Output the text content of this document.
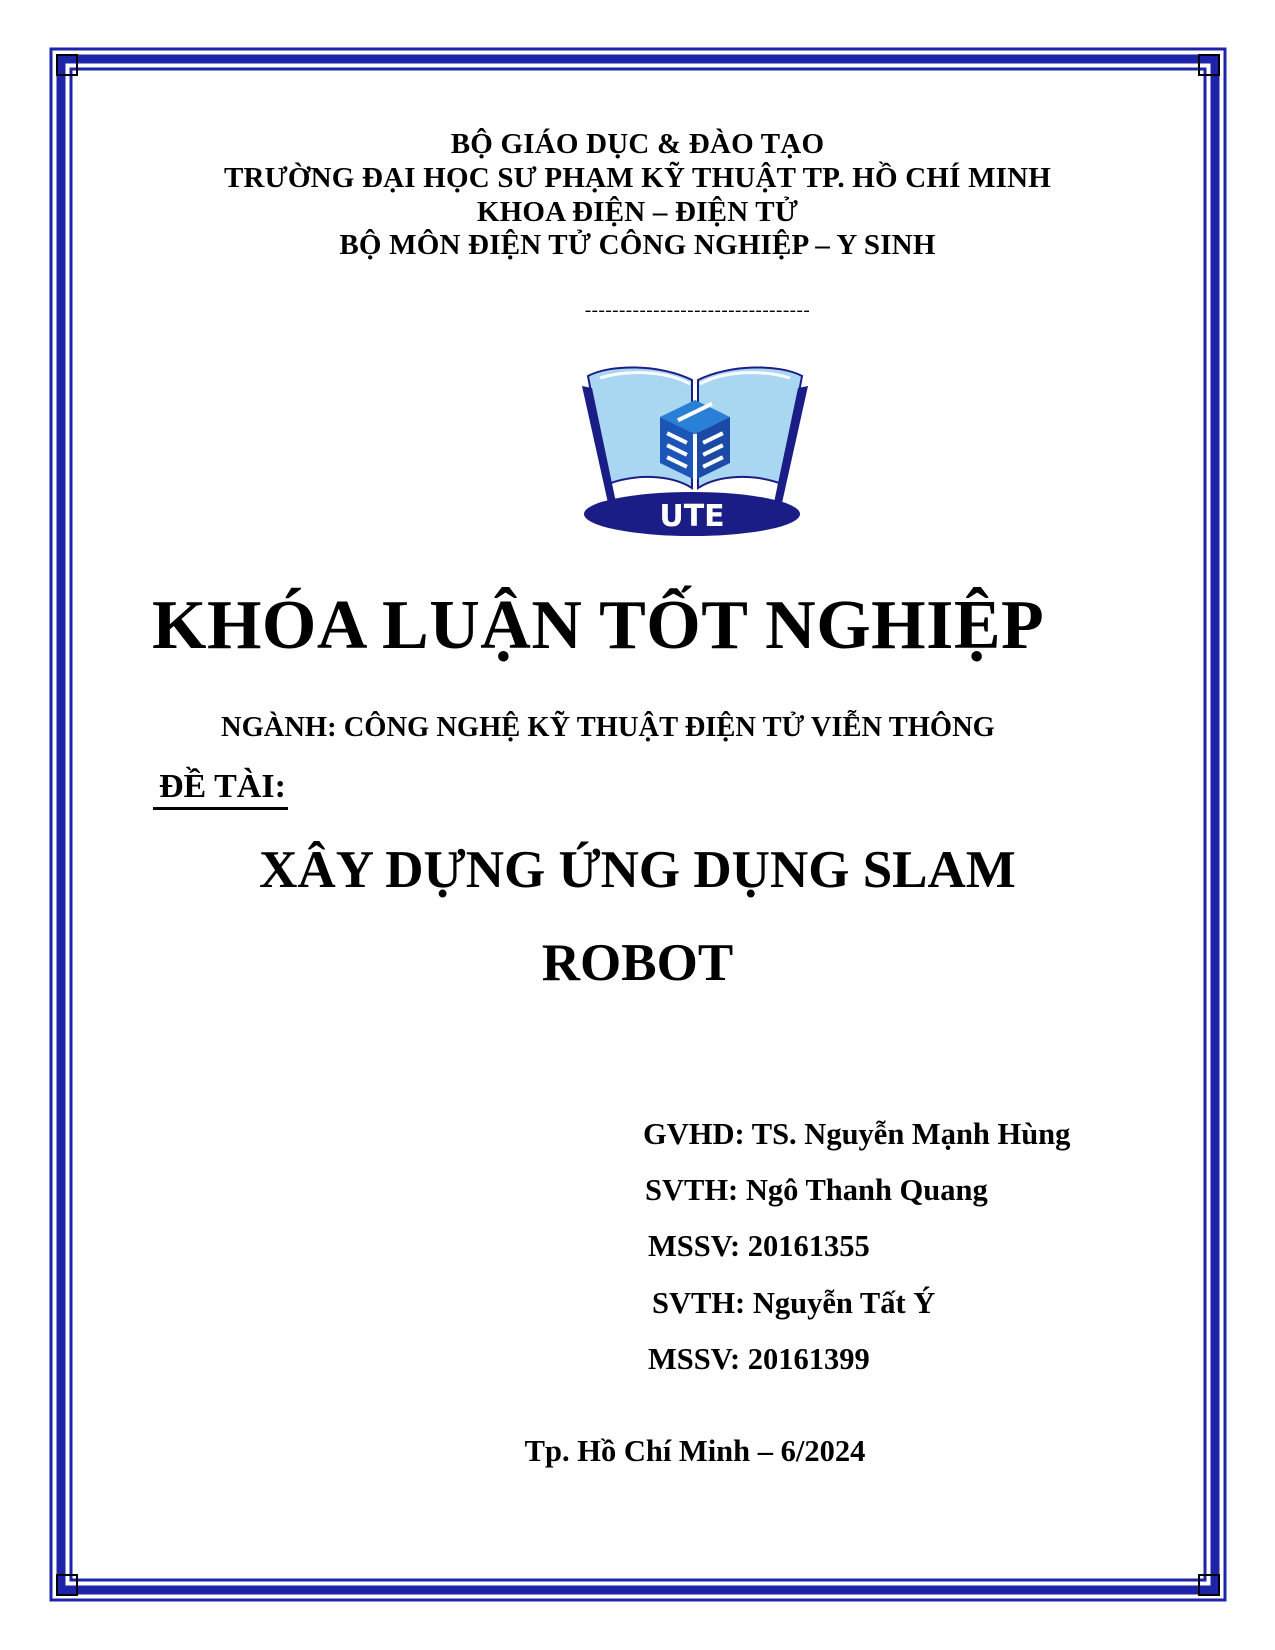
BỘ GIÁO DỤC & ĐÀO TẠO
TRƯỜNG ĐẠI HỌC SƯ PHẠM KỸ THUẬT TP. HỒ CHÍ MINH
KHOA ĐIỆN – ĐIỆN TỬ
BỘ MÔN ĐIỆN TỬ CÔNG NGHIỆP – Y SINH
---------------------------------
UTE
KHÓA LUẬN TỐT NGHIỆP
NGÀNH: CÔNG NGHỆ KỸ THUẬT ĐIỆN TỬ VIỄN THÔNG
ĐỀ TÀI:
XÂY DỰNG ỨNG DỤNG SLAM
ROBOT
GVHD: TS. Nguyễn Mạnh Hùng
SVTH: Ngô Thanh Quang
MSSV: 20161355
SVTH: Nguyễn Tất Ý
MSSV: 20161399
Tp. Hồ Chí Minh – 6/2024
